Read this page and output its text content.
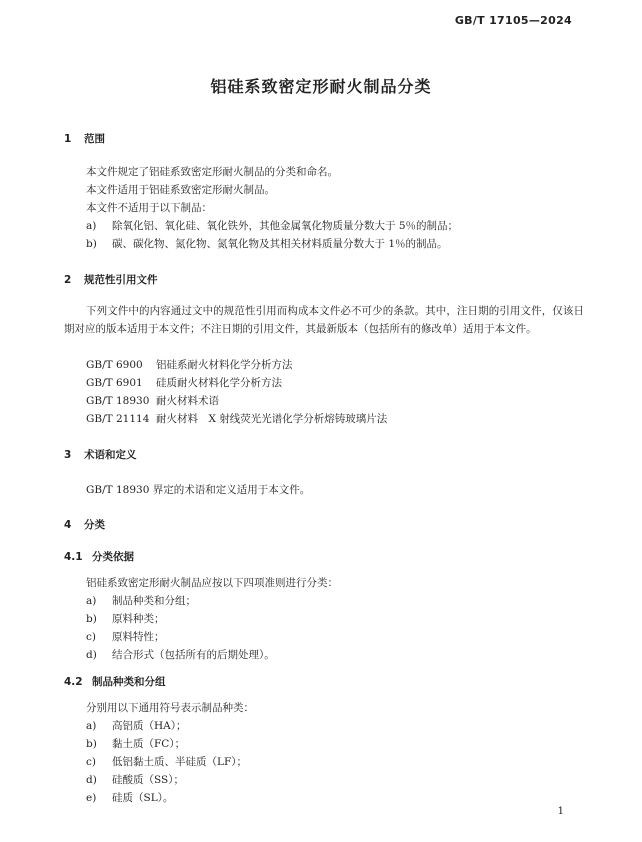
GB/T 17105—2024
铝硅系致密定形耐火制品分类
1 范围
本文件规定了铝硅系致密定形耐火制品的分类和命名。
本文件适用于铝硅系致密定形耐火制品。
本文件不适用于以下制品：
a) 除氧化铝、氧化硅、氧化铁外，其他金属氧化物质量分数大于 5％的制品；
b) 碳、碳化物、氮化物、氮氧化物及其相关材料质量分数大于 1％的制品。
2 规范性引用文件
下列文件中的内容通过文中的规范性引用而构成本文件必不可少的条款。其中，注日期的引用文件，仅该日期对应的版本适用于本文件；不注日期的引用文件，其最新版本（包括所有的修改单）适用于本文件。
GB/T 6900 铝硅系耐火材料化学分析方法
GB/T 6901 硅质耐火材料化学分析方法
GB/T 18930 耐火材料术语
GB/T 21114 耐火材料　X 射线荧光光谱化学分析熔铸玻璃片法
3 术语和定义
GB/T 18930 界定的术语和定义适用于本文件。
4 分类
4.1 分类依据
铝硅系致密定形耐火制品应按以下四项准则进行分类：
a) 制品种类和分组；
b) 原料种类；
c) 原料特性；
d) 结合形式（包括所有的后期处理）。
4.2 制品种类和分组
分别用以下通用符号表示制品种类：
a) 高铝质（HA）；
b) 黏土质（FC）；
c) 低铝黏土质、半硅质（LF）；
d) 硅酸质（SS）；
e) 硅质（SL）。
1
